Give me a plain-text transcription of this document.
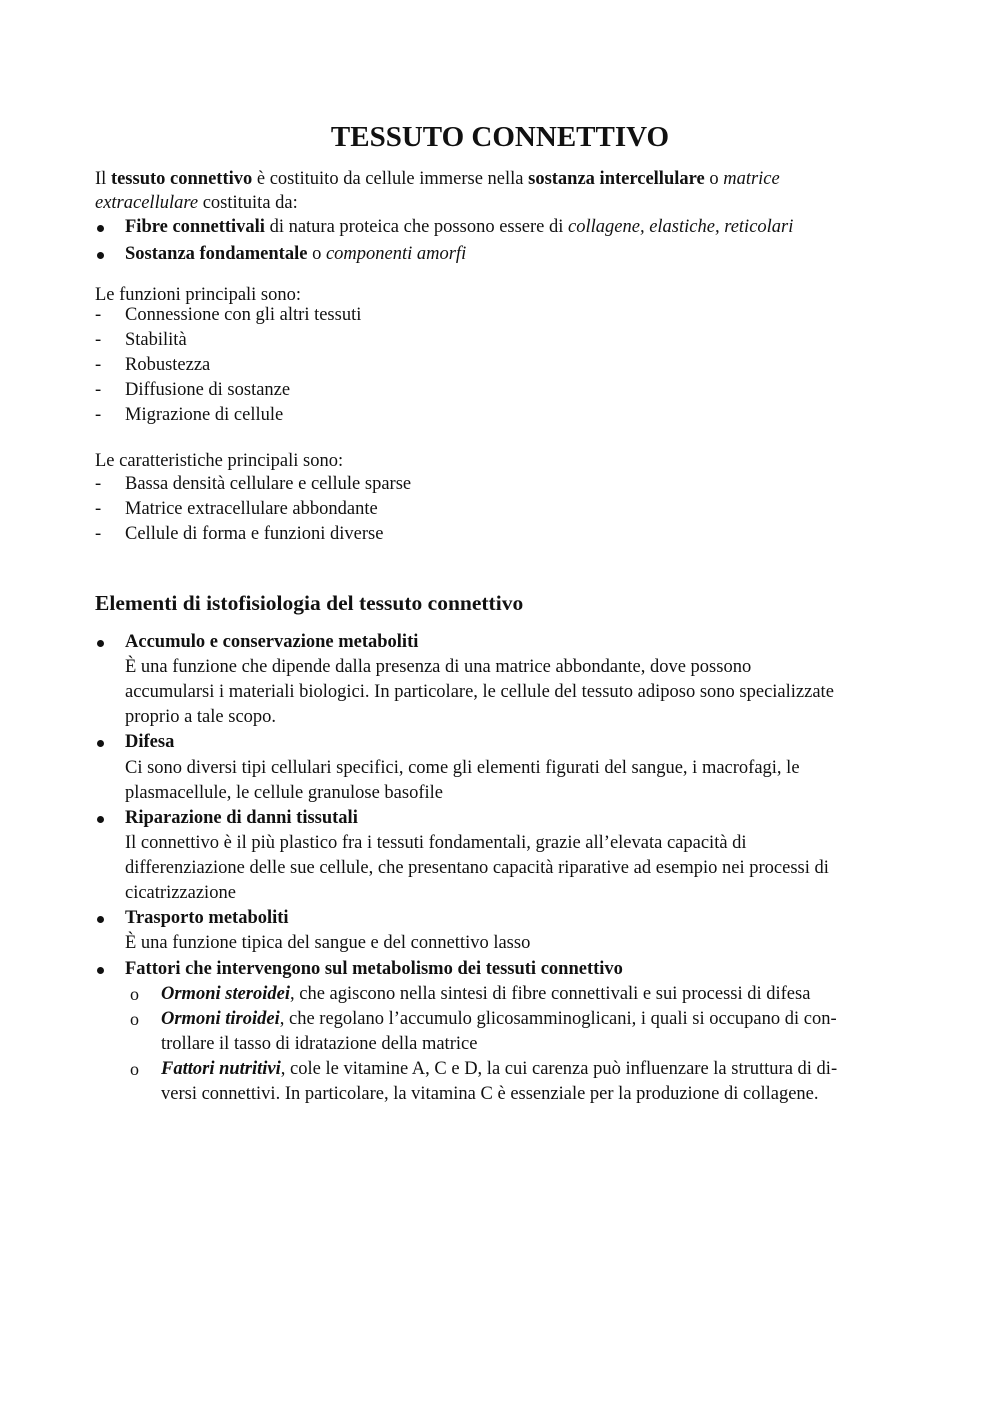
TESSUTO CONNETTIVO
Il tessuto connettivo è costituito da cellule immerse nella sostanza intercellulare o matrice
extracellulare costituita da:
Fibre connettivali di natura proteica che possono essere di collagene, elastiche, reticolari
Sostanza fondamentale o componenti amorfi
Le funzioni principali sono:
- Connessione con gli altri tessuti
- Stabilità
- Robustezza
- Diffusione di sostanze
- Migrazione di cellule
Le caratteristiche principali sono:
- Bassa densità cellulare e cellule sparse
- Matrice extracellulare abbondante
- Cellule di forma e funzioni diverse
Elementi di istofisiologia del tessuto connettivo
Accumulo e conservazione metaboliti
È una funzione che dipende dalla presenza di una matrice abbondante, dove possono
accumularsi i materiali biologici. In particolare, le cellule del tessuto adiposo sono specializzate
proprio a tale scopo.
Difesa
Ci sono diversi tipi cellulari specifici, come gli elementi figurati del sangue, i macrofagi, le
plasmacellule, le cellule granulose basofile
Riparazione di danni tissutali
Il connettivo è il più plastico fra i tessuti fondamentali, grazie all’elevata capacità di
differenziazione delle sue cellule, che presentano capacità riparative ad esempio nei processi di
cicatrizzazione
Trasporto metaboliti
È una funzione tipica del sangue e del connettivo lasso
Fattori che intervengono sul metabolismo dei tessuti connettivo
o Ormoni steroidei, che agiscono nella sintesi di fibre connettivali e sui processi di difesa
o Ormoni tiroidei, che regolano l’accumulo glicosamminoglicani, i quali si occupano di con-
trollare il tasso di idratazione della matrice
o Fattori nutritivi, cole le vitamine A, C e D, la cui carenza può influenzare la struttura di di-
versi connettivi. In particolare, la vitamina C è essenziale per la produzione di collagene.
